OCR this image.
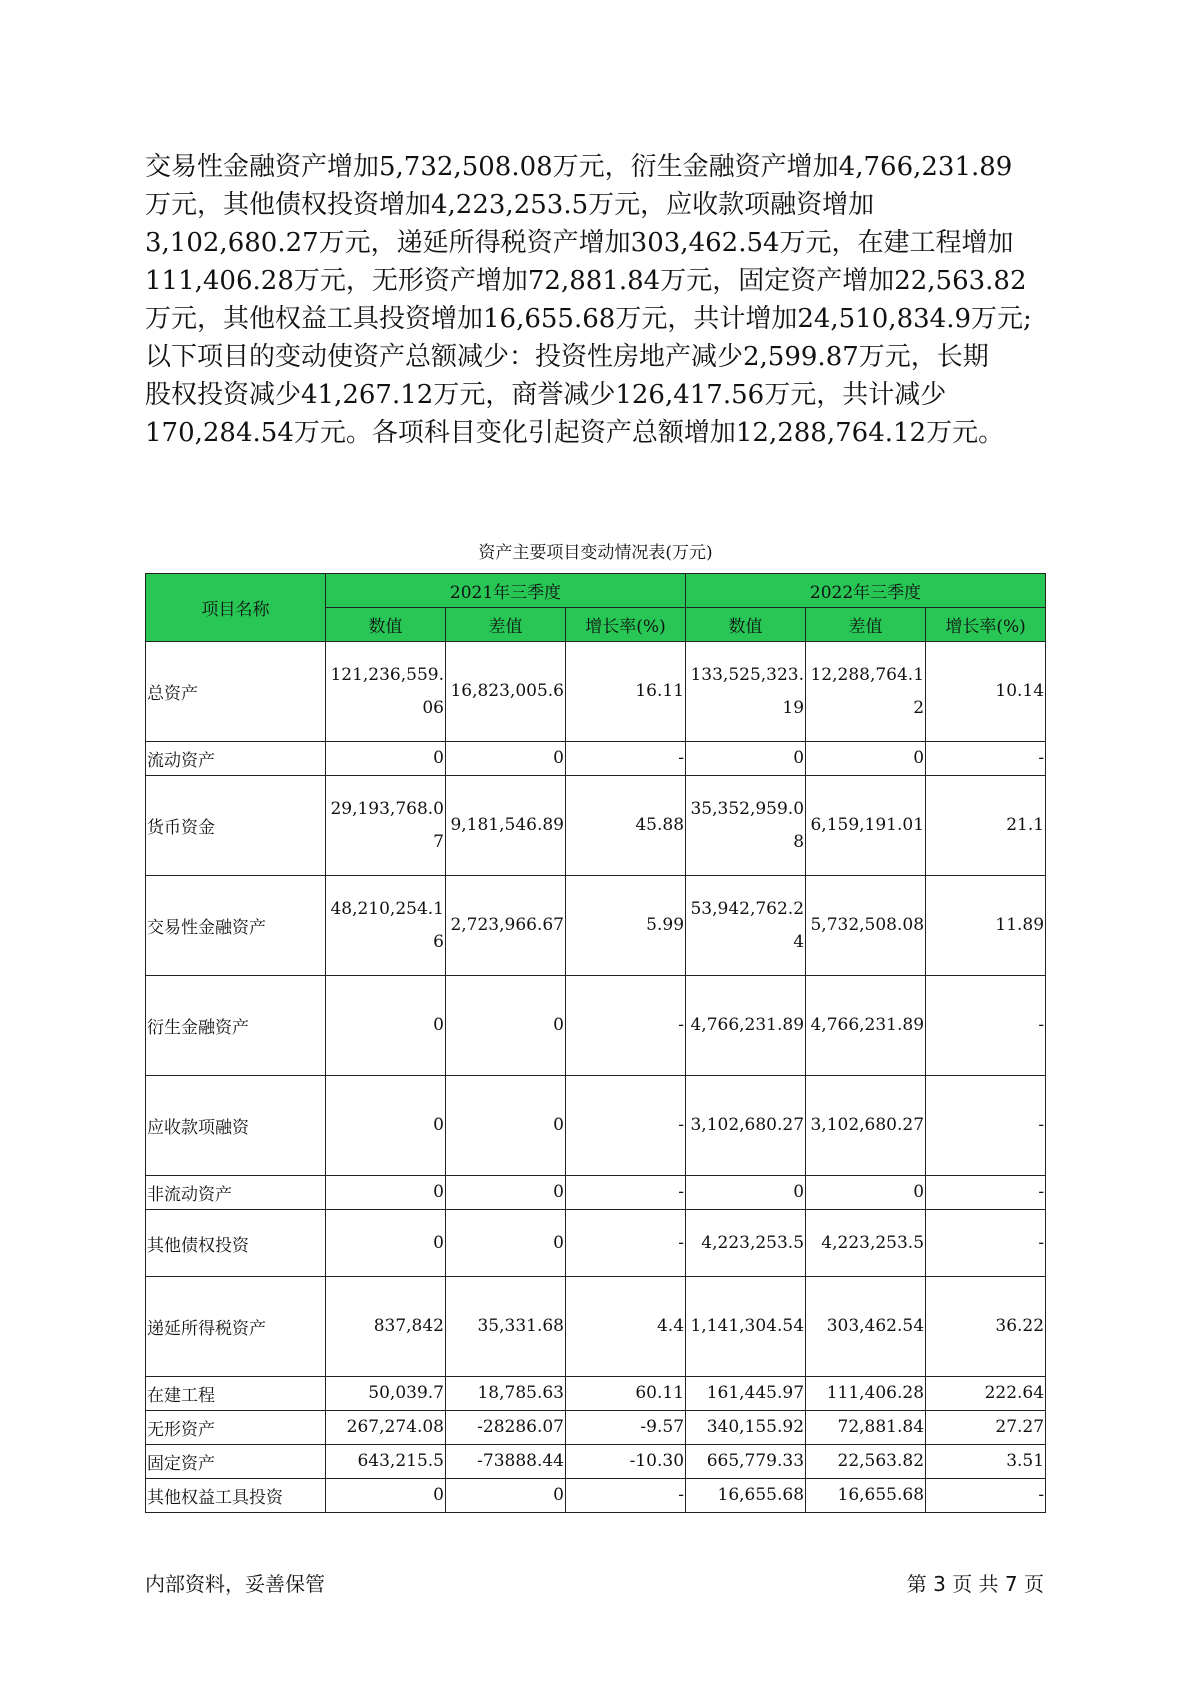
交易性金融资产增加5,732,508.08万元，衍生金融资产增加4,766,231.89
万元，其他债权投资增加4,223,253.5万元，应收款项融资增加
3,102,680.27万元，递延所得税资产增加303,462.54万元，在建工程增加
111,406.28万元，无形资产增加72,881.84万元，固定资产增加22,563.82
万元，其他权益工具投资增加16,655.68万元，共计增加24,510,834.9万元;
以下项目的变动使资产总额减少：投资性房地产减少2,599.87万元，长期
股权投资减少41,267.12万元，商誉减少126,417.56万元，共计减少
170,284.54万元。各项科目变化引起资产总额增加12,288,764.12万元。
资产主要项目变动情况表(万元)
项目名称	2021年三季度			2022年三季度		
	数值	差值	增长率(%)	数值	差值	增长率(%)
总资产	121,236,559.06	16,823,005.6	16.11	133,525,323.19	12,288,764.12	10.14
流动资产	0	0	-	0	0	-
货币资金	29,193,768.07	9,181,546.89	45.88	35,352,959.08	6,159,191.01	21.1
交易性金融资产	48,210,254.16	2,723,966.67	5.99	53,942,762.24	5,732,508.08	11.89
衍生金融资产	0	0	-	4,766,231.89	4,766,231.89	-
应收款项融资	0	0	-	3,102,680.27	3,102,680.27	-
非流动资产	0	0	-	0	0	-
其他债权投资	0	0	-	4,223,253.5	4,223,253.5	-
递延所得税资产	837,842	35,331.68	4.4	1,141,304.54	303,462.54	36.22
在建工程	50,039.7	18,785.63	60.11	161,445.97	111,406.28	222.64
无形资产	267,274.08	-28286.07	-9.57	340,155.92	72,881.84	27.27
固定资产	643,215.5	-73888.44	-10.30	665,779.33	22,563.82	3.51
其他权益工具投资	0	0	-	16,655.68	16,655.68	-
内部资料，妥善保管	第 3 页 共 7 页
